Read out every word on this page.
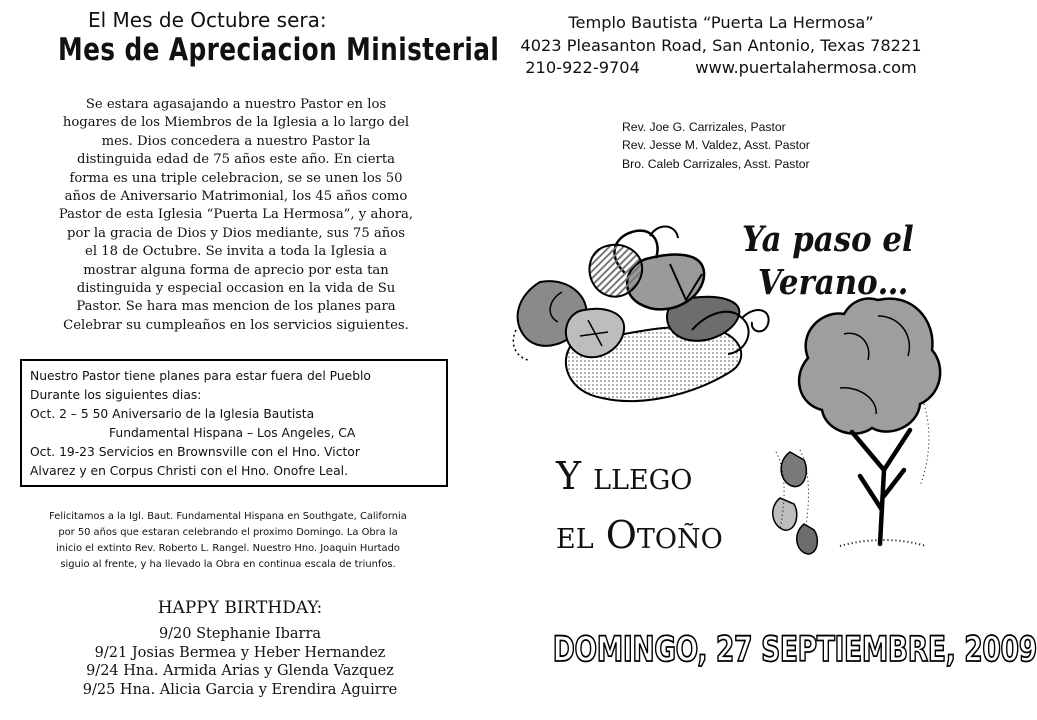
El Mes de Octubre sera:
Mes de Apreciacion Ministerial
Se estara agasajando a nuestro Pastor en los
hogares de los Miembros de la Iglesia a lo largo del
mes. Dios concedera a nuestro Pastor la
distinguida edad de 75 años este año. En cierta
forma es una triple celebracion, se se unen los 50
años de Aniversario Matrimonial, los 45 años como
Pastor de esta Iglesia “Puerta La Hermosa”, y ahora,
por la gracia de Dios y Dios mediante, sus 75 años
el 18 de Octubre. Se invita a toda la Iglesia a
mostrar alguna forma de aprecio por esta tan
distinguida y especial occasion en la vida de Su
Pastor. Se hara mas mencion de los planes para
Celebrar su cumpleaños en los servicios siguientes.
Nuestro Pastor tiene planes para estar fuera del Pueblo
Durante los siguientes dias:
Oct. 2 – 5 50 Aniversario de la Iglesia Bautista
Fundamental Hispana – Los Angeles, CA
Oct. 19-23 Servicios en Brownsville con el Hno. Victor
Alvarez y en Corpus Christi con el Hno. Onofre Leal.
Felicitamos a la Igl. Baut. Fundamental Hispana en Southgate, California
por 50 años que estaran celebrando el proximo Domingo. La Obra la
inicio el extinto Rev. Roberto L. Rangel. Nuestro Hno. Joaquin Hurtado
siguio al frente, y ha llevado la Obra en continua escala de triunfos.
HAPPY BIRTHDAY:
9/20 Stephanie Ibarra
9/21 Josias Bermea y Heber Hernandez
9/24 Hna. Armida Arias y Glenda Vazquez
9/25 Hna. Alicia Garcia y Erendira Aguirre
Templo Bautista “Puerta La Hermosa”
4023 Pleasanton Road, San Antonio, Texas 78221
210-922-9704	www.puertalahermosa.com
Rev. Joe G. Carrizales, Pastor
Rev. Jesse M. Valdez, Asst. Pastor
Bro. Caleb Carrizales, Asst. Pastor
Ya paso el
Verano…
Y llego
el Otoño
DOMINGO, 27 SEPTIEMBRE, 2009
